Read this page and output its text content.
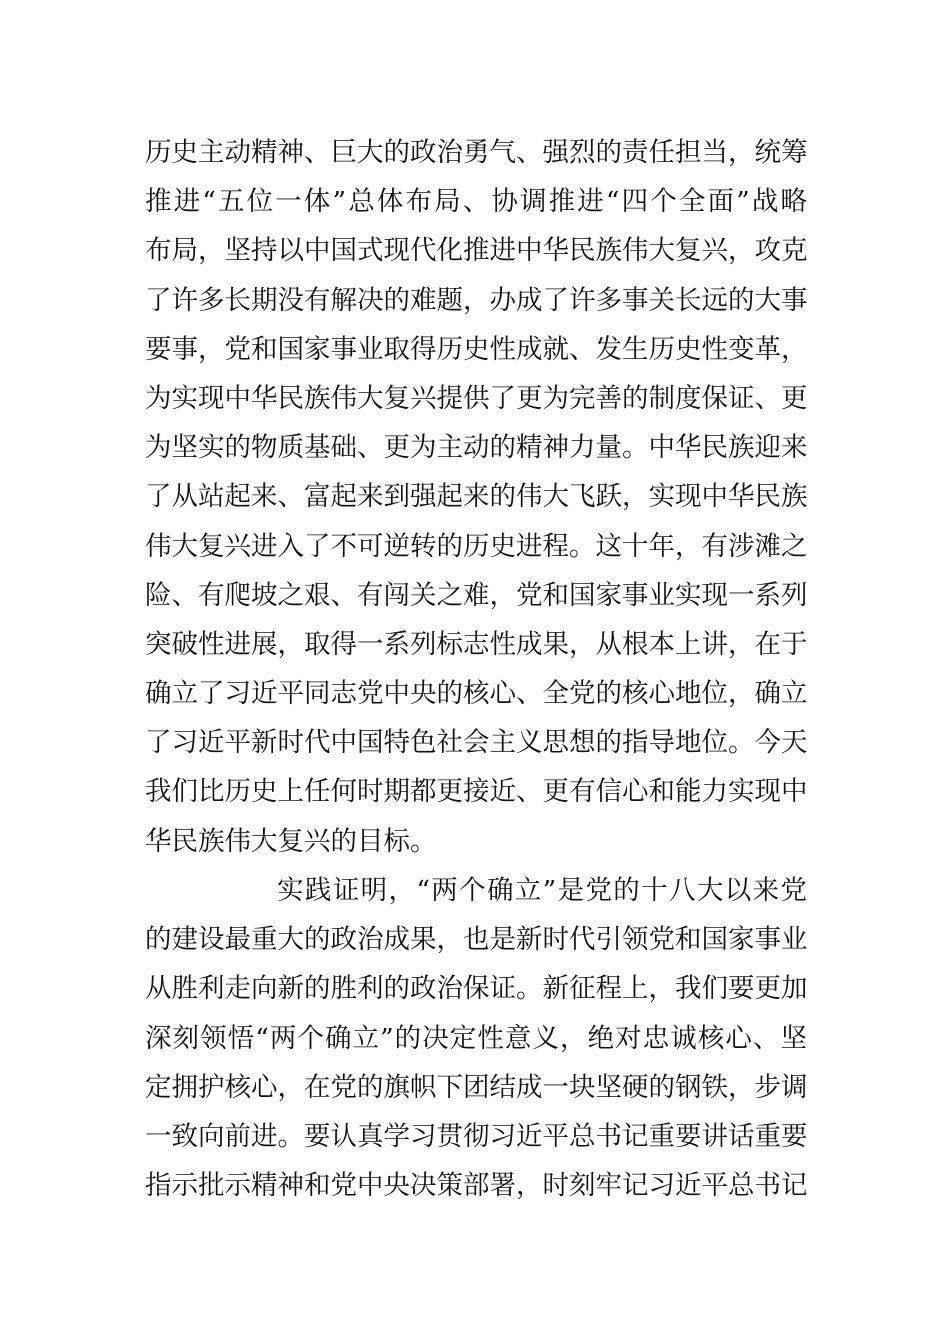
历史主动精神、巨大的政治勇气、强烈的责任担当，统筹
推进“五位一体”总体布局、协调推进“四个全面”战略
布局，坚持以中国式现代化推进中华民族伟大复兴，攻克
了许多长期没有解决的难题，办成了许多事关长远的大事
要事，党和国家事业取得历史性成就、发生历史性变革，
为实现中华民族伟大复兴提供了更为完善的制度保证、更
为坚实的物质基础、更为主动的精神力量。中华民族迎来
了从站起来、富起来到强起来的伟大飞跃，实现中华民族
伟大复兴进入了不可逆转的历史进程。这十年，有涉滩之
险、有爬坡之艰、有闯关之难，党和国家事业实现一系列
突破性进展，取得一系列标志性成果，从根本上讲，在于
确立了习近平同志党中央的核心、全党的核心地位，确立
了习近平新时代中国特色社会主义思想的指导地位。今天
我们比历史上任何时期都更接近、更有信心和能力实现中
华民族伟大复兴的目标。
实践证明，“两个确立”是党的十八大以来党
的建设最重大的政治成果，也是新时代引领党和国家事业
从胜利走向新的胜利的政治保证。新征程上，我们要更加
深刻领悟“两个确立”的决定性意义，绝对忠诚核心、坚
定拥护核心，在党的旗帜下团结成一块坚硬的钢铁，步调
一致向前进。要认真学习贯彻习近平总书记重要讲话重要
指示批示精神和党中央决策部署，时刻牢记习近平总书记
